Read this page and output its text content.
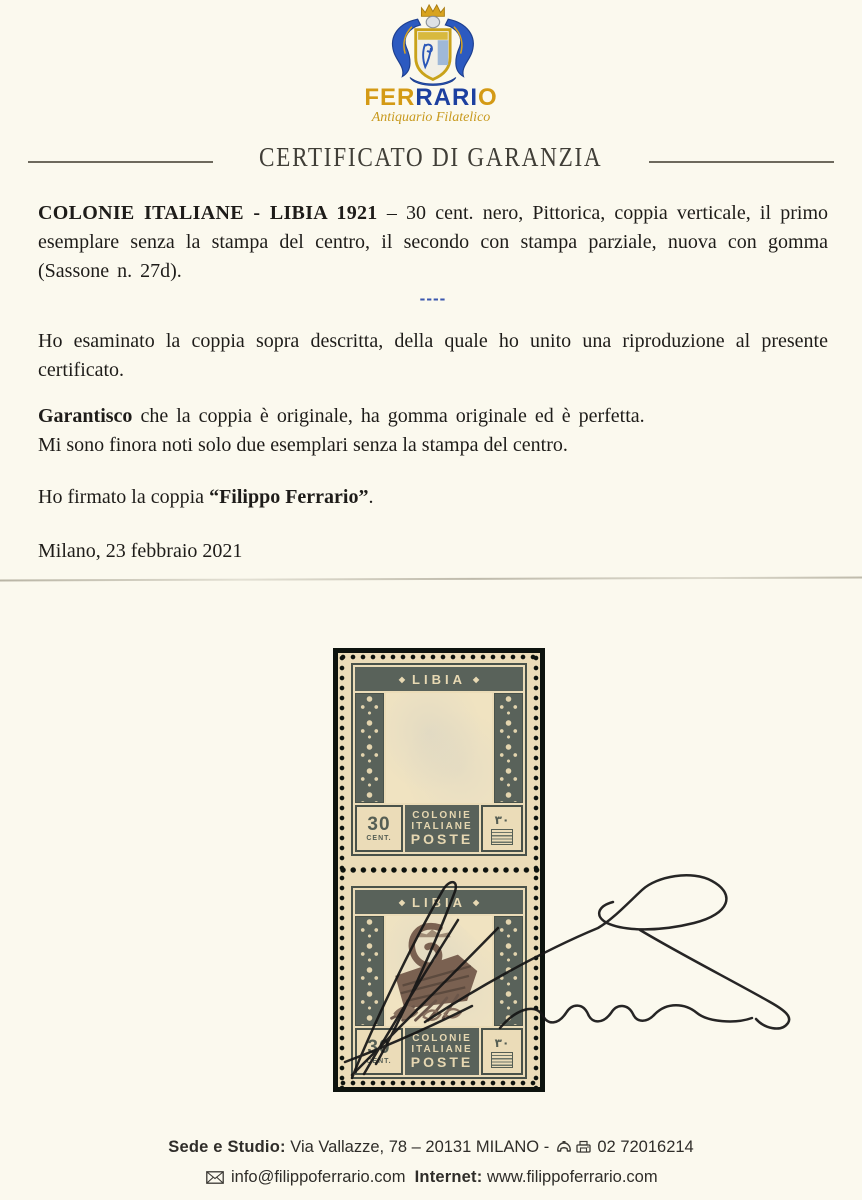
FERRARIO
Antiquario Filatelico
CERTIFICATO DI GARANZIA
COLONIE ITALIANE - LIBIA 1921 – 30 cent. nero, Pittorica, coppia verticale, il primo esemplare senza la stampa del centro, il secondo con stampa parziale, nuova con gomma (Sassone n. 27d).
----
Ho esaminato la coppia sopra descritta, della quale ho unito una riproduzione al presente certificato.
Garantisco che la coppia è originale, ha gomma originale ed è perfetta.
Mi sono finora noti solo due esemplari senza la stampa del centro.
Ho firmato la coppia “Filippo Ferrario”.
Milano, 23 febbraio 2021
◆ LIBIA ◆
30
CENT.
COLONIE
ITALIANE
POSTE
٣٠
◆ LIBIA ◆
30
CENT.
COLONIE
ITALIANE
POSTE
٣٠
Sede e Studio: Via Vallazze, 78 – 20131 MILANO -  02 72016214
info@filippoferrario.com Internet: www.filippoferrario.com
